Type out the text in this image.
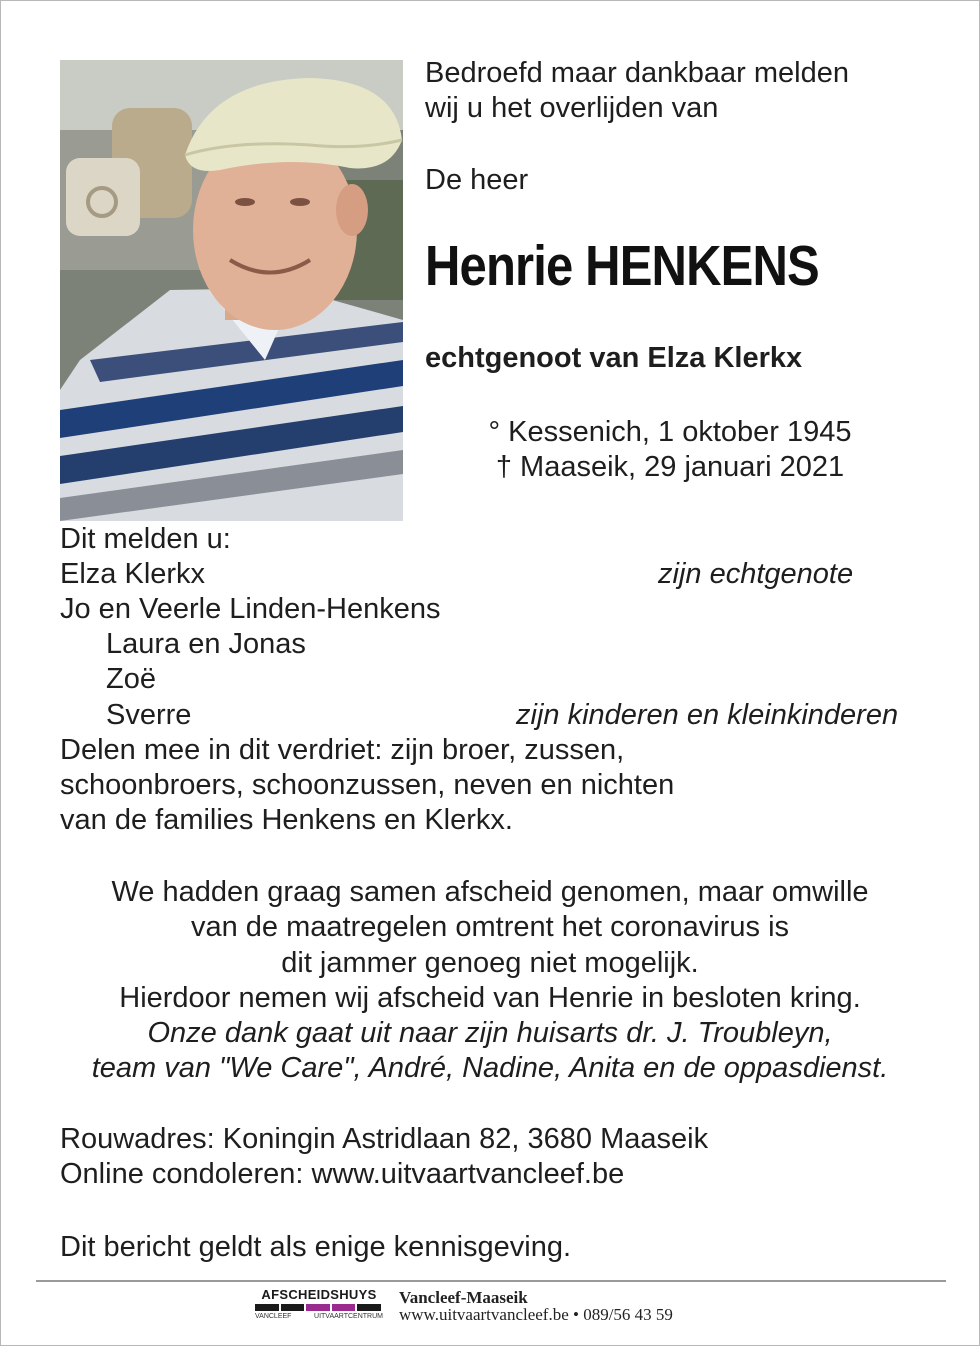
Bedroefd maar dankbaar melden
wij u het overlijden van
De heer
Henrie HENKENS
echtgenoot van Elza Klerkx
° Kessenich, 1 oktober 1945
† Maaseik, 29 januari 2021
Dit melden u:
Elza Klerkx	zijn echtgenote
Jo en Veerle Linden-Henkens
Laura en Jonas
Zoë
Sverre	zijn kinderen en kleinkinderen
Delen mee in dit verdriet: zijn broer, zussen,
schoonbroers, schoonzussen, neven en nichten
van de families Henkens en Klerkx.
We hadden graag samen afscheid genomen, maar omwille
van de maatregelen omtrent het coronavirus is
dit jammer genoeg niet mogelijk.
Hierdoor nemen wij afscheid van Henrie in besloten kring.
Onze dank gaat uit naar zijn huisarts dr. J. Troubleyn,
team van "We Care", André, Nadine, Anita en de oppasdienst.
Rouwadres: Koningin Astridlaan 82, 3680 Maaseik
Online condoleren: www.uitvaartvancleef.be
Dit bericht geldt als enige kennisgeving.
AFSCHEIDSHUYS
VANCLEEF	UITVAARTCENTRUM
Vancleef-Maaseik
www.uitvaartvancleef.be • 089/56 43 59
